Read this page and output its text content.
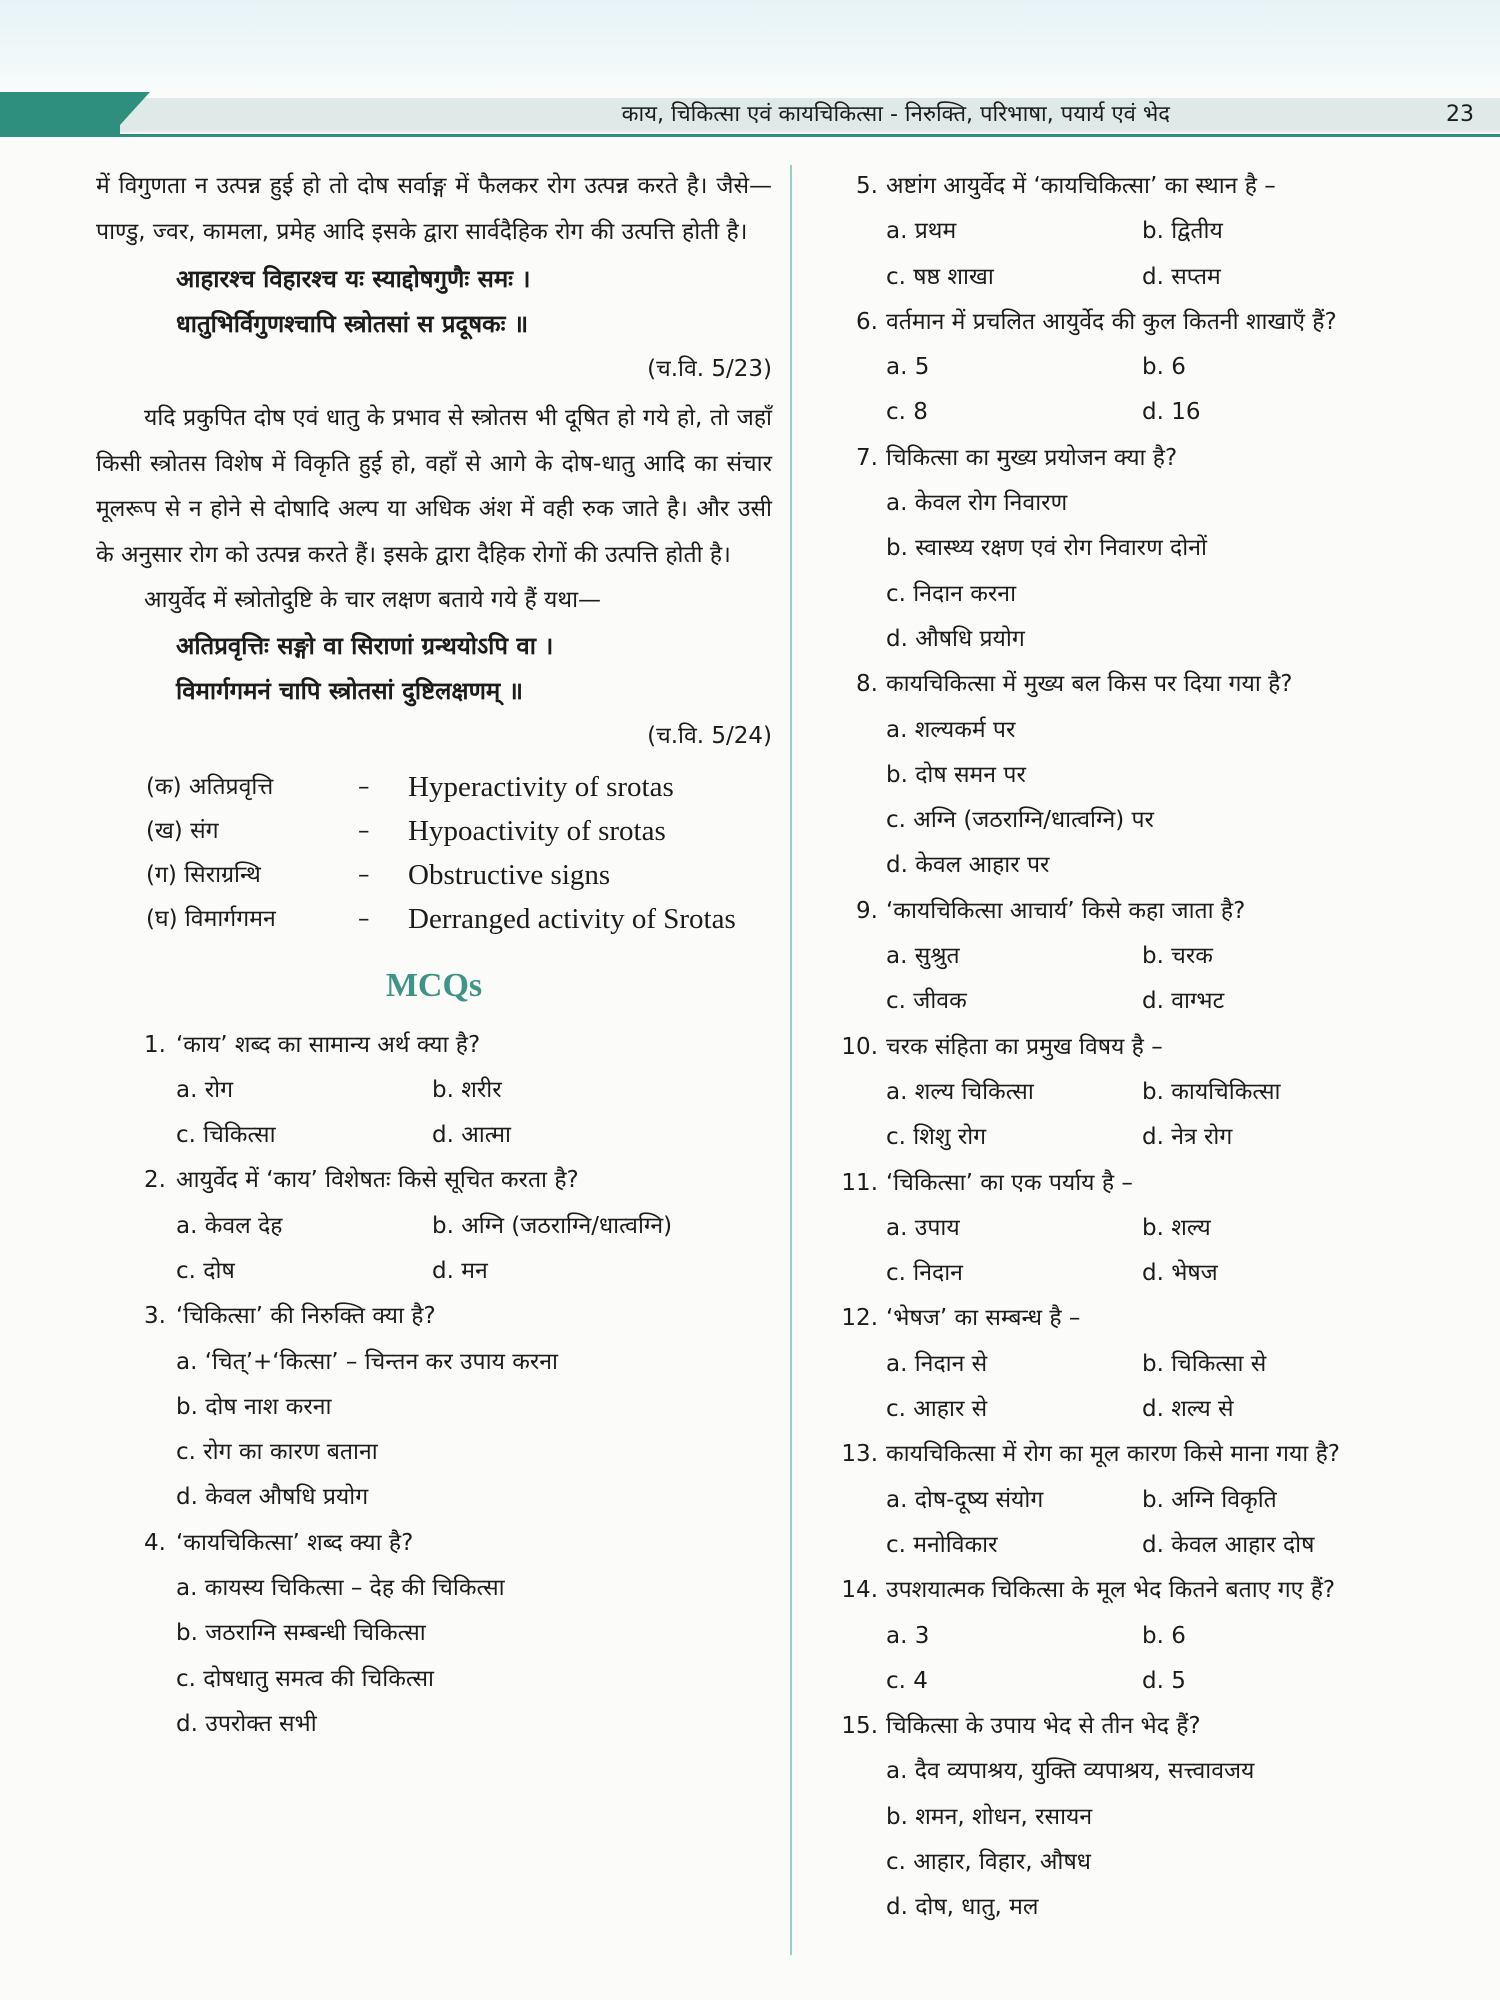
काय, चिकित्सा एवं कायचिकित्सा - निरुक्ति, परिभाषा, पयार्य एवं भेद	23

में विगुणता न उत्पन्न हुई हो तो दोष सर्वाङ्ग में फैलकर रोग उत्पन्न करते है। जैसे— पाण्डु, ज्वर, कामला, प्रमेह आदि इसके द्वारा सार्वदैहिक रोग की उत्पत्ति होती है।

आहारश्च विहारश्च यः स्याद्दोषगुणैः समः ।

धातुभिर्विगुणश्चापि स्त्रोतसां स प्रदूषकः ॥

(च.वि. 5/23)

यदि प्रकुपित दोष एवं धातु के प्रभाव से स्त्रोतस भी दूषित हो गये हो, तो जहाँ किसी स्त्रोतस विशेष में विकृति हुई हो, वहाँ से आगे के दोष-धातु आदि का संचार मूलरूप से न होने से दोषादि अल्प या अधिक अंश में वही रुक जाते है। और उसी के अनुसार रोग को उत्पन्न करते हैं। इसके द्वारा दैहिक रोगों की उत्पत्ति होती है।

आयुर्वेद में स्त्रोतोदुष्टि के चार लक्षण बताये गये हैं यथा—

अतिप्रवृत्तिः सङ्गो वा सिराणां ग्रन्थयोऽपि वा ।

विमार्गगमनं चापि स्त्रोतसां दुष्टिलक्षणम् ॥

(च.वि. 5/24)

(क) अतिप्रवृत्ति	–	Hyperactivity of srotas
(ख) संग	–	Hypoactivity of srotas
(ग) सिराग्रन्थि	–	Obstructive signs
(घ) विमार्गगमन	–	Derranged activity of Srotas
MCQs
1. ‘काय’ शब्द का सामान्य अर्थ क्या है?
a. रोग	b. शरीर
c. चिकित्सा	d. आत्मा
2. आयुर्वेद में ‘काय’ विशेषतः किसे सूचित करता है?
a. केवल देह	b. अग्नि (जठराग्नि/धात्वग्नि)
c. दोष	d. मन
3. ‘चिकित्सा’ की निरुक्ति क्या है?
a. ‘चित्’+‘कित्सा’ – चिन्तन कर उपाय करना
b. दोष नाश करना
c. रोग का कारण बताना
d. केवल औषधि प्रयोग
4. ‘कायचिकित्सा’ शब्द क्या है?
a. कायस्य चिकित्सा – देह की चिकित्सा
b. जठराग्नि सम्बन्धी चिकित्सा
c. दोषधातु समत्व की चिकित्सा
d. उपरोक्त सभी
5. अष्टांग आयुर्वेद में ‘कायचिकित्सा’ का स्थान है –
a. प्रथम	b. द्वितीय
c. षष्ठ शाखा	d. सप्तम
6. वर्तमान में प्रचलित आयुर्वेद की कुल कितनी शाखाएँ हैं?
a. 5	b. 6
c. 8	d. 16
7. चिकित्सा का मुख्य प्रयोजन क्या है?
a. केवल रोग निवारण
b. स्वास्थ्य रक्षण एवं रोग निवारण दोनों
c. निदान करना
d. औषधि प्रयोग
8. कायचिकित्सा में मुख्य बल किस पर दिया गया है?
a. शल्यकर्म पर
b. दोष समन पर
c. अग्नि (जठराग्नि/धात्वग्नि) पर
d. केवल आहार पर
9. ‘कायचिकित्सा आचार्य’ किसे कहा जाता है?
a. सुश्रुत	b. चरक
c. जीवक	d. वाग्भट
10. चरक संहिता का प्रमुख विषय है –
a. शल्य चिकित्सा	b. कायचिकित्सा
c. शिशु रोग	d. नेत्र रोग
11. ‘चिकित्सा’ का एक पर्याय है –
a. उपाय	b. शल्य
c. निदान	d. भेषज
12. ‘भेषज’ का सम्बन्ध है –
a. निदान से	b. चिकित्सा से
c. आहार से	d. शल्य से
13. कायचिकित्सा में रोग का मूल कारण किसे माना गया है?
a. दोष-दूष्य संयोग	b. अग्नि विकृति
c. मनोविकार	d. केवल आहार दोष
14. उपशयात्मक चिकित्सा के मूल भेद कितने बताए गए हैं?
a. 3	b. 6
c. 4	d. 5
15. चिकित्सा के उपाय भेद से तीन भेद हैं?
a. दैव व्यपाश्रय, युक्ति व्यपाश्रय, सत्त्वावजय
b. शमन, शोधन, रसायन
c. आहार, विहार, औषध
d. दोष, धातु, मल
